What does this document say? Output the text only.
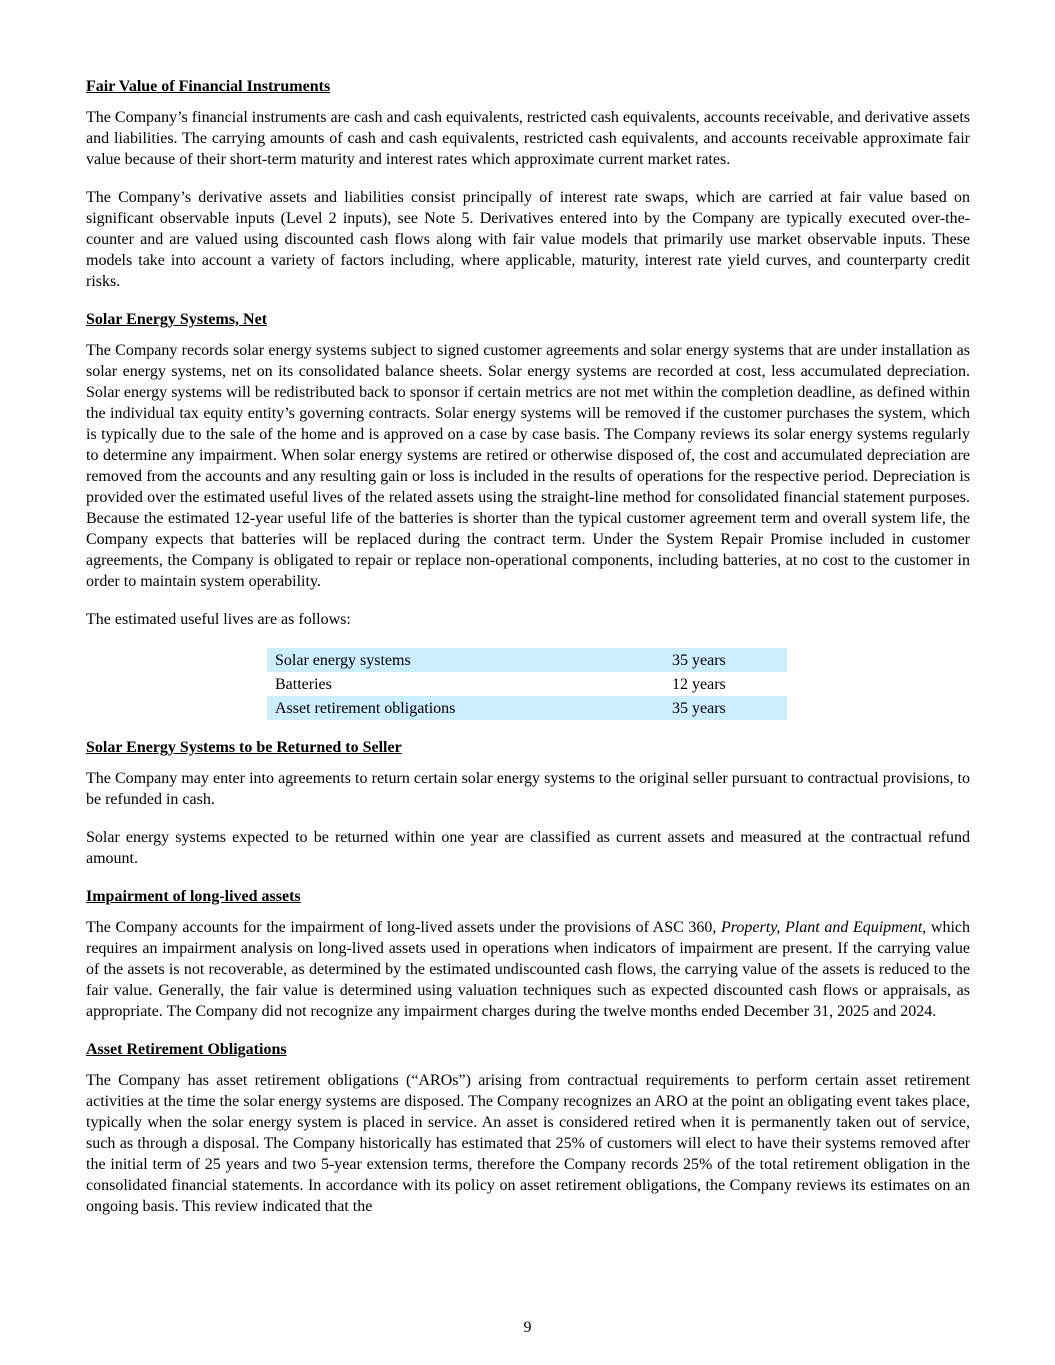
Fair Value of Financial Instruments

The Company’s financial instruments are cash and cash equivalents, restricted cash equivalents, accounts receivable, and derivative assets and liabilities. The carrying amounts of cash and cash equivalents, restricted cash equivalents, and accounts receivable approximate fair value because of their short-term maturity and interest rates which approximate current market rates.

The Company’s derivative assets and liabilities consist principally of interest rate swaps, which are carried at fair value based on significant observable inputs (Level 2 inputs), see Note 5. Derivatives entered into by the Company are typically executed over-the-counter and are valued using discounted cash flows along with fair value models that primarily use market observable inputs. These models take into account a variety of factors including, where applicable, maturity, interest rate yield curves, and counterparty credit risks.

Solar Energy Systems, Net

The Company records solar energy systems subject to signed customer agreements and solar energy systems that are under installation as solar energy systems, net on its consolidated balance sheets. Solar energy systems are recorded at cost, less accumulated depreciation. Solar energy systems will be redistributed back to sponsor if certain metrics are not met within the completion deadline, as defined within the individual tax equity entity’s governing contracts. Solar energy systems will be removed if the customer purchases the system, which is typically due to the sale of the home and is approved on a case by case basis. The Company reviews its solar energy systems regularly to determine any impairment. When solar energy systems are retired or otherwise disposed of, the cost and accumulated depreciation are removed from the accounts and any resulting gain or loss is included in the results of operations for the respective period. Depreciation is provided over the estimated useful lives of the related assets using the straight-line method for consolidated financial statement purposes. Because the estimated 12-year useful life of the batteries is shorter than the typical customer agreement term and overall system life, the Company expects that batteries will be replaced during the contract term. Under the System Repair Promise included in customer agreements, the Company is obligated to repair or replace non-operational components, including batteries, at no cost to the customer in order to maintain system operability.

The estimated useful lives are as follows:

Solar energy systems	35 years
Batteries	12 years
Asset retirement obligations	35 years
Solar Energy Systems to be Returned to Seller

The Company may enter into agreements to return certain solar energy systems to the original seller pursuant to contractual provisions, to be refunded in cash.

Solar energy systems expected to be returned within one year are classified as current assets and measured at the contractual refund amount.

Impairment of long-lived assets

The Company accounts for the impairment of long-lived assets under the provisions of ASC 360, Property, Plant and Equipment, which requires an impairment analysis on long-lived assets used in operations when indicators of impairment are present. If the carrying value of the assets is not recoverable, as determined by the estimated undiscounted cash flows, the carrying value of the assets is reduced to the fair value. Generally, the fair value is determined using valuation techniques such as expected discounted cash flows or appraisals, as appropriate. The Company did not recognize any impairment charges during the twelve months ended December 31, 2025 and 2024.

Asset Retirement Obligations

The Company has asset retirement obligations (“AROs”) arising from contractual requirements to perform certain asset retirement activities at the time the solar energy systems are disposed. The Company recognizes an ARO at the point an obligating event takes place, typically when the solar energy system is placed in service. An asset is considered retired when it is permanently taken out of service, such as through a disposal. The Company historically has estimated that 25% of customers will elect to have their systems removed after the initial term of 25 years and two 5-year extension terms, therefore the Company records 25% of the total retirement obligation in the consolidated financial statements. In accordance with its policy on asset retirement obligations, the Company reviews its estimates on an ongoing basis. This review indicated that the

9
